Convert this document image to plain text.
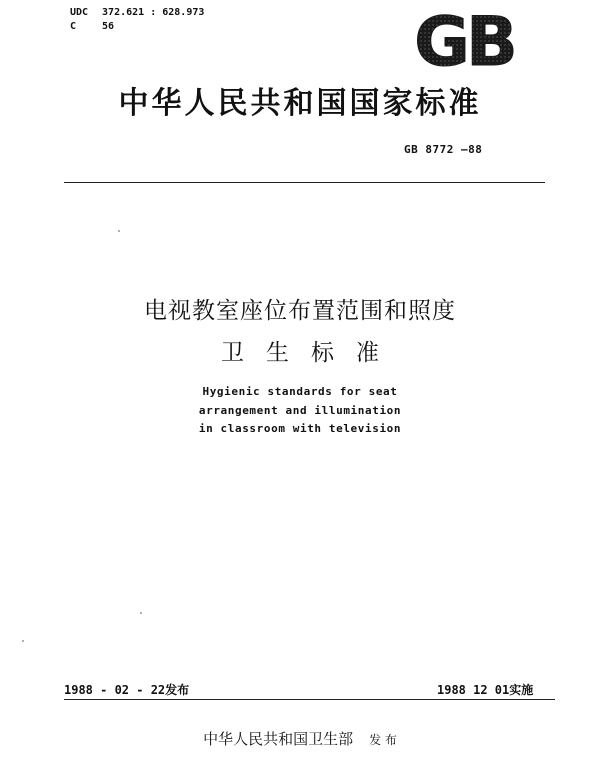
UDC 372.621 : 628.973
C	56	GB
中华人民共和国国家标准
GB 8772 —88
电视教室座位布置范围和照度
卫生标准
Hygienic standards for seat
arrangement and illumination
in classroom with television
1988 - 02 - 22发布	1988 12 01实施
中华人民共和国卫生部 发 布
